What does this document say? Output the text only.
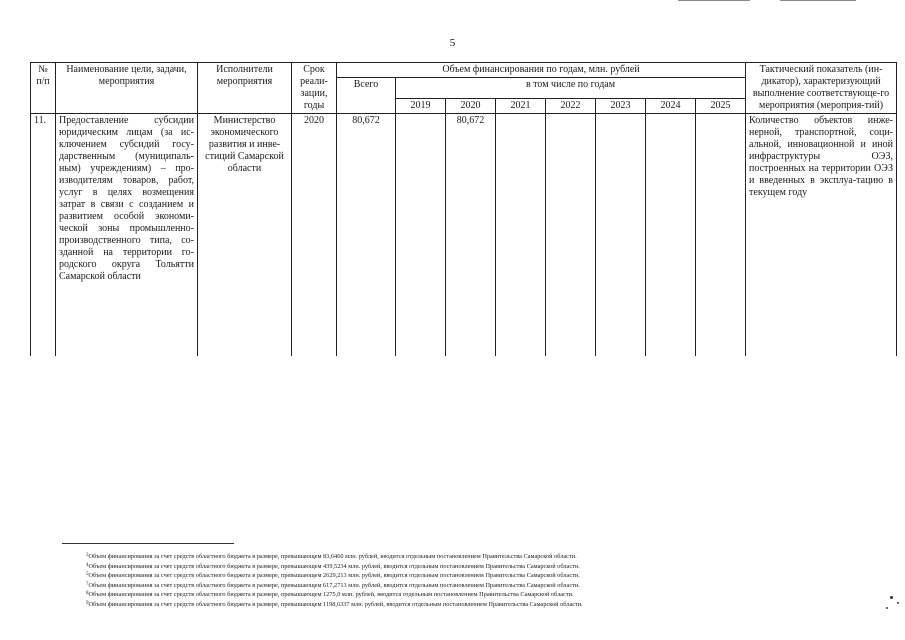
5
№ п/п	Наименование цели, задачи, мероприятия	Исполнители мероприятия	Срок реали-зации, годы	Объем финансирования по годам, млн. рублей								Тактический показатель (ин-дикатор), характеризующий выполнение соответствующе-го мероприятия (мероприя-тий)
				Всего	в том числе по годам							
					2019	2020	2021	2022	2023	2024	2025	
11.	Предоставление субсидии юридическим лицам (за ис-ключением субсидий госу-дарственным (муниципаль-ным) учреждениям) – про-изводителям товаров, работ, услуг в целях возмещения затрат в связи с созданием и развитием особой экономи-ческой зоны промышленно-производственного типа, со-зданной на территории го-родского округа Тольятти Самарской области	Министерство экономического развития и инве-стиций Самарской области	2020	80,672		80,672						Количество объектов инже-нерной, транспортной, соци-альной, инновационной и иной инфраструктуры ОЭЗ, построенных на территории ОЭЗ и введенных в эксплуа-тацию в текущем году
$^3$Объем финансирования за счет средств областного бюджета в размере, превышающем 83,6460 млн. рублей, вводится отдельным постановлением Правительства Самарской области.
$^4$Объем финансирования за счет средств областного бюджета в размере, превышающем 439,5234 млн. рублей, вводится отдельным постановлением Правительства Самарской области.
$^5$Объем финансирования за счет средств областного бюджета в размере, превышающем 2629,213 млн. рублей, вводится отдельным постановлением Правительства Самарской области.
$^7$Объем финансирования за счет средств областного бюджета в размере, превышающем 617,2713 млн. рублей, вводится отдельным постановлением Правительства Самарской области.
$^8$Объем финансирования за счет средств областного бюджета в размере, превышающем 1275,0 млн. рублей, вводится отдельным постановлением Правительства Самарской области.
$^9$Объем финансирования за счет средств областного бюджета в размере, превышающем 1198,6337 млн. рублей, вводится отдельным постановлением Правительства Самарской области.
